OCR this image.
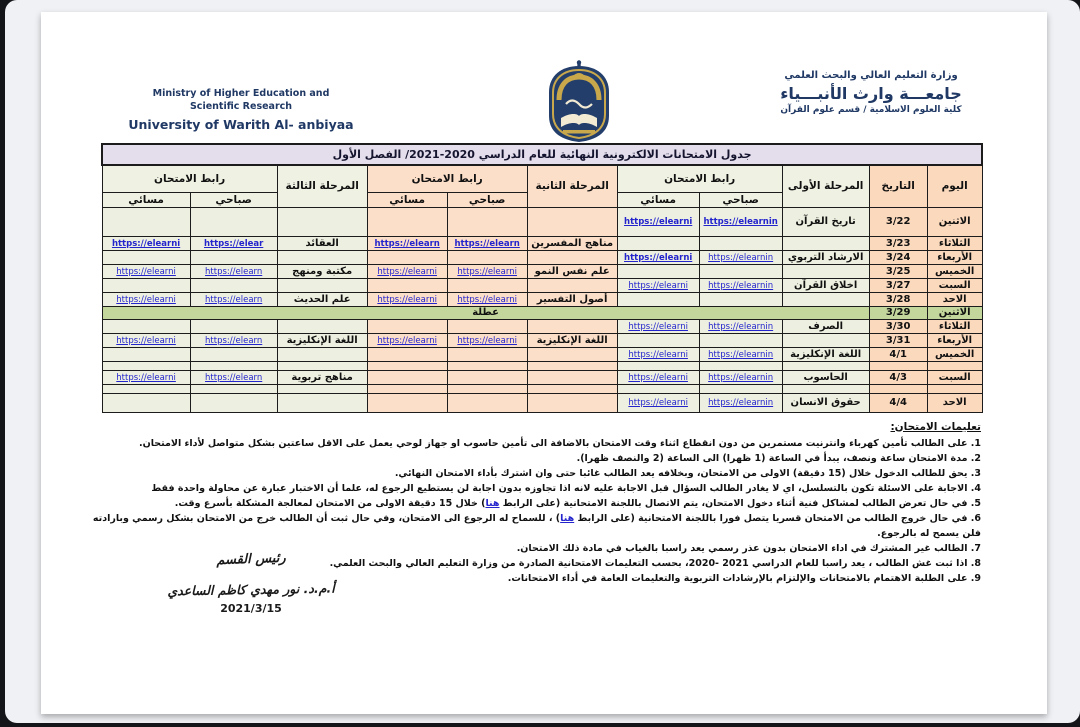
Ministry of Higher Education and
Scientific Research
University of Warith Al- anbiyaa
وزارة التعليم العالي والبحث العلمي
جامعـــة وارث الأنبـــياء
كلية العلوم الاسلامية / قسم علوم القرآن
جدول الامتحانات الالكترونية النهائية للعام الدراسي 2020-2021/ الفصل الأول										
اليوم	التاريخ	المرحلة الأولى	رابط الامتحان		المرحلة الثانية	رابط الامتحان		المرحلة الثالثة	رابط الامتحان	
			صباحي	مسائي		صباحي	مسائي		صباحي	مسائي
الاثنين	3/22	تاريخ القرآن	https://elearnin	https://elearni						
الثلاثاء	3/23				مناهج المفسرين	https://elearn	https://elearn	العقائد	https://elear	https://elearni
الأربعاء	3/24	الارشاد التربوي	https://elearnin	https://elearni						
الخميس	3/25				علم نفس النمو	https://elearni	https://elearni	مكتبة ومنهج	https://elearn	https://elearni
السبت	3/27	اخلاق القرآن	https://elearnin	https://elearni						
الاحد	3/28				أصول التفسير	https://elearni	https://elearni	علم الحديث	https://elearn	https://elearni
الاثنين	3/29	عطلة								
الثلاثاء	3/30	الصرف	https://elearnin	https://elearni						
الأربعاء	3/31				اللغة الإنكليزية	https://elearni	https://elearni	اللغة الإنكليزية	https://elearn	https://elearni
الخميس	4/1	اللغة الإنكليزية	https://elearnin	https://elearni						

السبت	4/3	الحاسوب	https://elearnin	https://elearni				مناهج تربوية	https://elearn	https://elearni

الاحد	4/4	حقوق الانسان	https://elearnin	https://elearni						
تعليمات الامتحان:
1. على الطالب تأمين كهرباء وانترنيت مستمرين من دون انقطاع اثناء وقت الامتحان بالاضافة الى تأمين حاسوب او جهاز لوحي يعمل على الاقل ساعتين بشكل متواصل لأداء الامتحان.
2. مدة الامتحان ساعة ونصف، يبدأ في الساعة (1 ظهرا) الى الساعة (2 والنصف ظهرا).
3. يحق للطالب الدخول خلال (15 دقيقة) الاولى من الامتحان، وبخلافه يعد الطالب غائبا حتى وان اشترك بأداء الامتحان النهائي.
4. الاجابة على الاسئلة تكون بالتسلسل، اي لا يغادر الطالب السؤال قبل الاجابة عليه لانه اذا تجاوزه بدون اجابة لن يستطيع الرجوع له، علما أن الاختبار عبارة عن محاولة واحدة فقط
5. في حال تعرض الطالب لمشاكل فنية أثناء دخول الامتحان، يتم الاتصال باللجنة الامتحانية (على الرابط هنا) خلال 15 دقيقة الاولى من الامتحان لمعالجة المشكلة بأسرع وقت.
6. في حال خروج الطالب من الامتحان قسريا يتصل فورا باللجنة الامتحانية (على الرابط هنا) ، للسماح له الرجوع الى الامتحان، وفي حال ثبت أن الطالب خرج من الامتحان بشكل رسمي وبارادته فلن يسمح له بالرجوع.
7. الطالب غير المشترك في اداء الامتحان بدون عذر رسمي يعد راسبا بالغياب في مادة ذلك الامتحان.
8. اذا ثبت غش الطالب ، يعد راسبا للعام الدراسي ‪2020- 2021‬، بحسب التعليمات الامتحانية الصادرة من وزارة التعليم العالي والبحث العلمي.
9. على الطلبة الاهتمام بالامتحانات والإلتزام بالإرشادات التربوية والتعليمات العامة في أداء الامتحانات.
رئيس القسم
أ.م.د. نور مهدي كاظم الساعدي
2021/3/15
